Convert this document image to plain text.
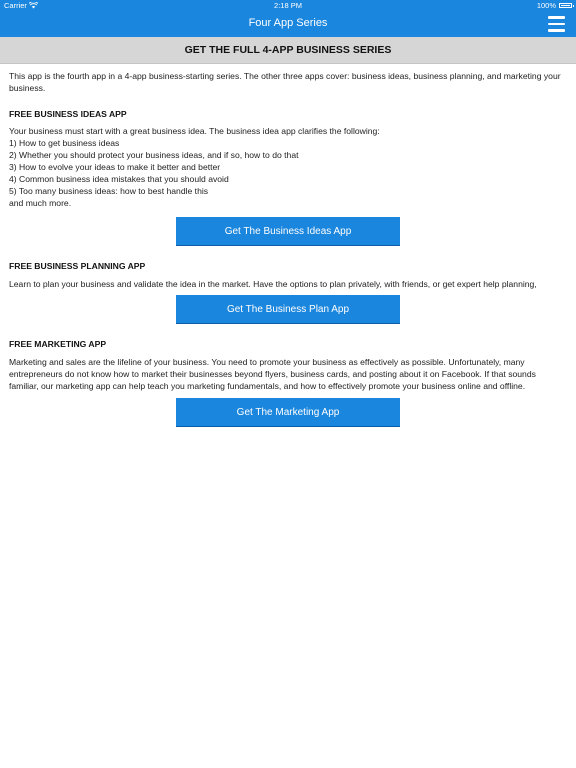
Carrier	2:18 PM	100%
Four App Series
GET THE FULL 4-APP BUSINESS SERIES

This app is the fourth app in a 4-app business-starting series. The other three apps cover: business ideas, business planning, and marketing your business.

FREE BUSINESS IDEAS APP
Your business must start with a great business idea. The business idea app clarifies the following:
1) How to get business ideas
2) Whether you should protect your business ideas, and if so, how to do that
3) How to evolve your ideas to make it better and better
4) Common business idea mistakes that you should avoid
5) Too many business ideas: how to best handle this
and much more.
Get The Business Ideas App
FREE BUSINESS PLANNING APP

Learn to plan your business and validate the idea in the market. Have the options to plan privately, with friends, or get expert help planning,

Get The Business Plan App
FREE MARKETING APP

Marketing and sales are the lifeline of your business. You need to promote your business as effectively as possible. Unfortunately, many entrepreneurs do not know how to market their businesses beyond flyers, business cards, and posting about it on Facebook. If that sounds familiar, our marketing app can help teach you marketing fundamentals, and how to effectively promote your business online and offline.

Get The Marketing App
